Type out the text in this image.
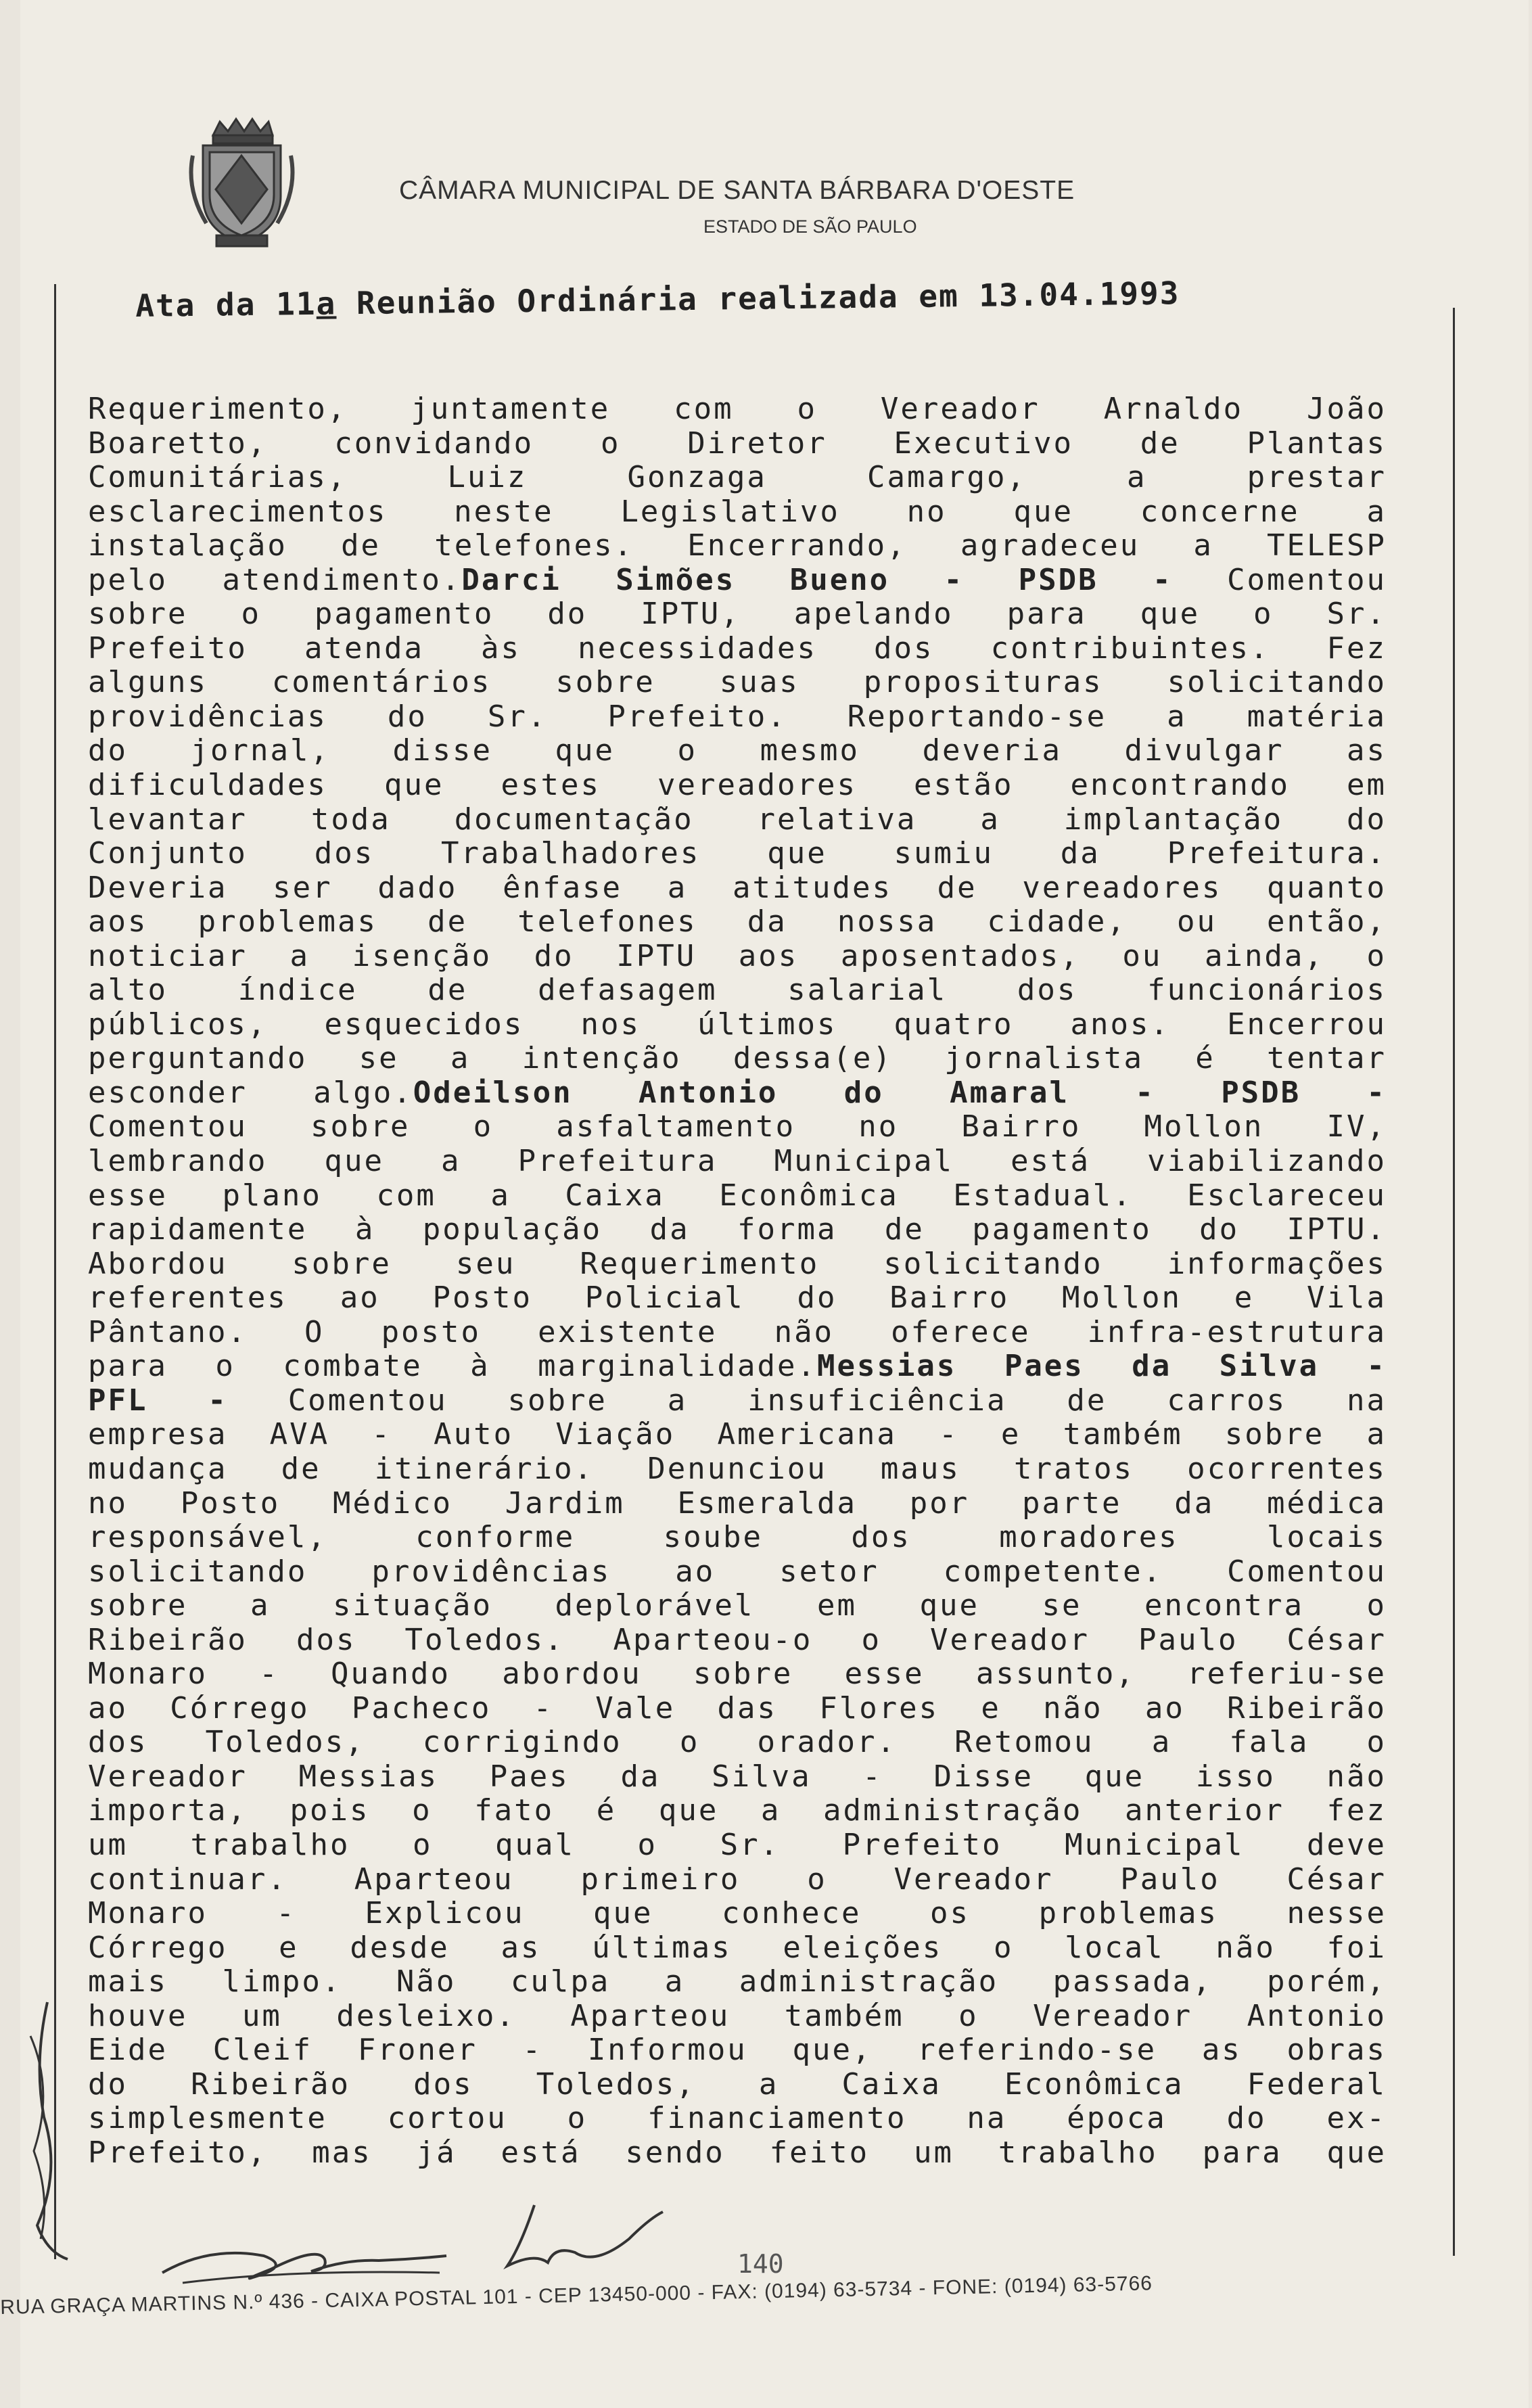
CÂMARA MUNICIPAL DE SANTA BÁRBARA D'OESTE
ESTADO DE SÃO PAULO
Ata da 11a Reunião Ordinária realizada em 13.04.1993
Requerimento, juntamente com o Vereador Arnaldo João
Boaretto, convidando o Diretor Executivo de Plantas
Comunitárias, Luiz Gonzaga Camargo, a prestar
esclarecimentos neste Legislativo no que concerne a
instalação de telefones. Encerrando, agradeceu a TELESP
pelo atendimento.Darci Simões Bueno - PSDB - Comentou
sobre o pagamento do IPTU, apelando para que o Sr.
Prefeito atenda às necessidades dos contribuintes. Fez
alguns comentários sobre suas proposituras solicitando
providências do Sr. Prefeito. Reportando-se a matéria
do jornal, disse que o mesmo deveria divulgar as
dificuldades que estes vereadores estão encontrando em
levantar toda documentação relativa a implantação do
Conjunto dos Trabalhadores que sumiu da Prefeitura.
Deveria ser dado ênfase a atitudes de vereadores quanto
aos problemas de telefones da nossa cidade, ou então,
noticiar a isenção do IPTU aos aposentados, ou ainda, o
alto índice de defasagem salarial dos funcionários
públicos, esquecidos nos últimos quatro anos. Encerrou
perguntando se a intenção dessa(e) jornalista é tentar
esconder algo.Odeilson Antonio do Amaral - PSDB -
Comentou sobre o asfaltamento no Bairro Mollon IV,
lembrando que a Prefeitura Municipal está viabilizando
esse plano com a Caixa Econômica Estadual. Esclareceu
rapidamente à população da forma de pagamento do IPTU.
Abordou sobre seu Requerimento solicitando informações
referentes ao Posto Policial do Bairro Mollon e Vila
Pântano. O posto existente não oferece infra-estrutura
para o combate à marginalidade.Messias Paes da Silva -
PFL - Comentou sobre a insuficiência de carros na
empresa AVA - Auto Viação Americana - e também sobre a
mudança de itinerário. Denunciou maus tratos ocorrentes
no Posto Médico Jardim Esmeralda por parte da médica
responsável, conforme soube dos moradores locais
solicitando providências ao setor competente. Comentou
sobre a situação deplorável em que se encontra o
Ribeirão dos Toledos. Aparteou-o o Vereador Paulo César
Monaro - Quando abordou sobre esse assunto, referiu-se
ao Córrego Pacheco - Vale das Flores e não ao Ribeirão
dos Toledos, corrigindo o orador. Retomou a fala o
Vereador Messias Paes da Silva - Disse que isso não
importa, pois o fato é que a administração anterior fez
um trabalho o qual o Sr. Prefeito Municipal deve
continuar. Aparteou primeiro o Vereador Paulo César
Monaro - Explicou que conhece os problemas nesse
Córrego e desde as últimas eleições o local não foi
mais limpo. Não culpa a administração passada, porém,
houve um desleixo. Aparteou também o Vereador Antonio
Eide Cleif Froner - Informou que, referindo-se as obras
do Ribeirão dos Toledos, a Caixa Econômica Federal
simplesmente cortou o financiamento na época do ex-
Prefeito, mas já está sendo feito um trabalho para que
140
RUA GRAÇA MARTINS N.º 436 - CAIXA POSTAL 101 - CEP 13450-000 - FAX: (0194) 63-5734 - FONE: (0194) 63-5766
